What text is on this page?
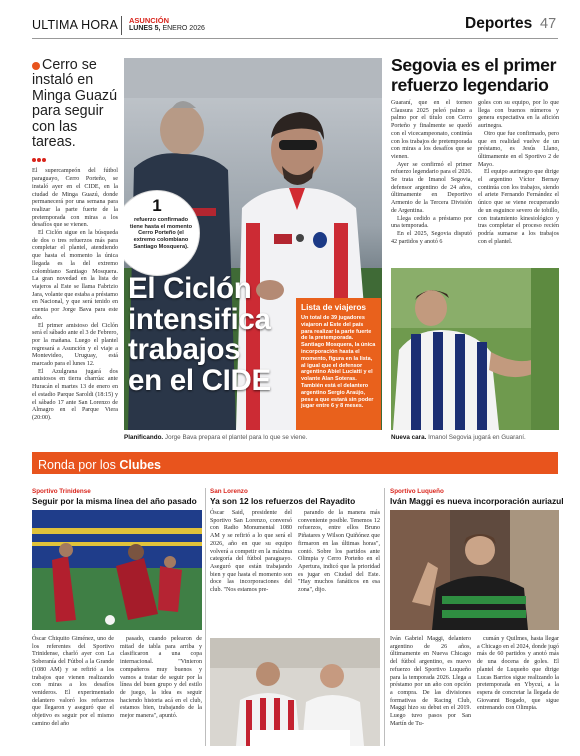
ULTIMA HORA ASUNCIÓN
LUNES 5, ENERO 2026	Deportes 47
Cerro se instaló en Minga Guazú para seguir con las tareas.

El supercampeón del fútbol paraguayo, Cerro Porteño, se instaló ayer en el CIDE, en la ciudad de Minga Guazú, donde permanecerá por una semana para realizar la parte fuerte de la pretemporada con miras a los desafíos que se vienen.

El Ciclón sigue en la búsqueda de dos o tres refuerzos más para completar el plantel, atendiendo que hasta el momento la única llegada es la del extremo colombiano Santiago Mosquera. La gran novedad en la lista de viajeros al Este se llama Fabrizio Jara, volante que estaba a préstamo en Nacional, y que será tenido en cuenta por Jorge Bava para este año.

El primer amistoso del Ciclón será el sábado ante el 3 de Febrero, por la mañana. Luego el plantel regresará a Asunción y el viaje a Montevideo, Uruguay, está marcado para el lunes 12.

El Azulgrana jugará dos amistosos en tierra charrúa: ante Huracán el martes 13 de enero en el estadio Parque Saroldi (18:15) y el sábado 17 ante San Lorenzo de Almagro en el Parque Viera (20:00).

1
refuerzo confirmado tiene hasta el momento Cerro Porteño (el extremo colombiano Santiago Mosquera).
El Ciclón intensifica trabajos en el CIDE
Lista de viajeros
Un total de 39 jugadores viajaron al Este del país para realizar la parte fuerte de la pretemporada. Santiago Mosquera, la única incorporación hasta el momento, figura en la lista, al igual que el defensor argentino Abiel Luciatti y el volante Alan Soteras. También está el delantero argentino Sergio Araújo, pese a que estará sin poder jugar entre 6 y 8 meses.
Planificando. Jorge Bava prepara el plantel para lo que se viene.
Segovia es el primer refuerzo legendario

Guaraní, que en el torneo Clausura 2025 peleó palmo a palmo por el título con Cerro Porteño y finalmente se quedó con el vicecampeonato, continúa con los trabajos de pretemporada con miras a los desafíos que se vienen.

Ayer se confirmó el primer refuerzo legendario para el 2026. Se trata de Imanol Segovia, defensor argentino de 24 años, últimamente en Deportivo Armenio de la Tercera División de Argentina.

Llega cedido a préstamo por una temporada.

En el 2025, Segovia disputó 42 partidos y anotó 6

goles con su equipo, por lo que llega con buenos números y genera expectativa en la afición aurinegra.

Otro que fue confirmado, pero que en realidad vuelve de un préstamo, es Jesús Llano, últimamente en el Sportivo 2 de Mayo.

El equipo aurinegro que dirige el argentino Víctor Bernay continúa con los trabajos, siendo el ariete Fernando Fernández el único que se viene recuperando de un esguince severo de tobillo, con tratamiento kinesiológico y tras completar el proceso recién podría sumarse a los trabajos con el plantel.

Nueva cara. Imanol Segovia jugará en Guaraní.
Ronda por los Clubes
Sportivo Trinidense
Seguir por la misma línea del año pasado

Óscar Chiquito Giménez, uno de los referentes del Sportivo Trinidense, charló ayer con La Soberanía del Fútbol a la Grande (1080 AM) y se refirió a los trabajos que vienen realizando con miras a los desafíos venideros. El experimentado delantero valoró los refuerzos que llegaron y aseguró que el objetivo es seguir por el mismo camino del año

pasado, cuando pelearon de mitad de tabla para arriba y clasificaron a una copa internacional. "Vinieron compañeros muy buenos y vamos a tratar de seguir por la línea del buen grupo y del estilo de juego, la idea es seguir haciendo historia acá en el club, estamos bien, trabajando de la mejor manera", apuntó.

San Lorenzo
Ya son 12 los refuerzos del Rayadito

Óscar Said, presidente del Sportivo San Lorenzo, conversó con Radio Monumental 1080 AM y se refirió a lo que será el 2026, año en que su equipo volverá a competir en la máxima categoría del fútbol paraguayo. Aseguró que están trabajando bien y que hasta el momento son doce las incorporaciones del club. "Nos estamos pre-

parando de la manera más conveniente posible. Tenemos 12 refuerzos, entre ellos Bruno Piñatares y Wilson Quiñónez que firmaron en las últimas horas", contó. Sobre los partidos ante Olimpia y Cerro Porteño en el Apertura, indicó que la prioridad es jugar en Ciudad del Este. "Hay muchos fanáticos en esa zona", dijo.

Sportivo Luqueño
Iván Maggi es nueva incorporación auriazul

Iván Gabriel Maggi, delantero argentino de 26 años, últimamente en Nueva Chicago del fútbol argentino, es nuevo refuerzo del Sportivo Luqueño para la temporada 2026. Llega a préstamo por un año con opción a compra. De las divisiones formativas de Racing Club, Maggi hizo su debut en el 2019. Luego tuvo pasos por San Martín de Tu-

cumán y Quilmes, hasta llegar a Chicago en el 2024, donde jugó más de 60 partidos y anotó más de una docena de goles. El plantel de Luqueño que dirige Lucas Barrios sigue realizando la pretemporada en Ybycuí, a la espera de concretar la llegada de Giovanni Bogado, que sigue entrenando con Olimpia.
